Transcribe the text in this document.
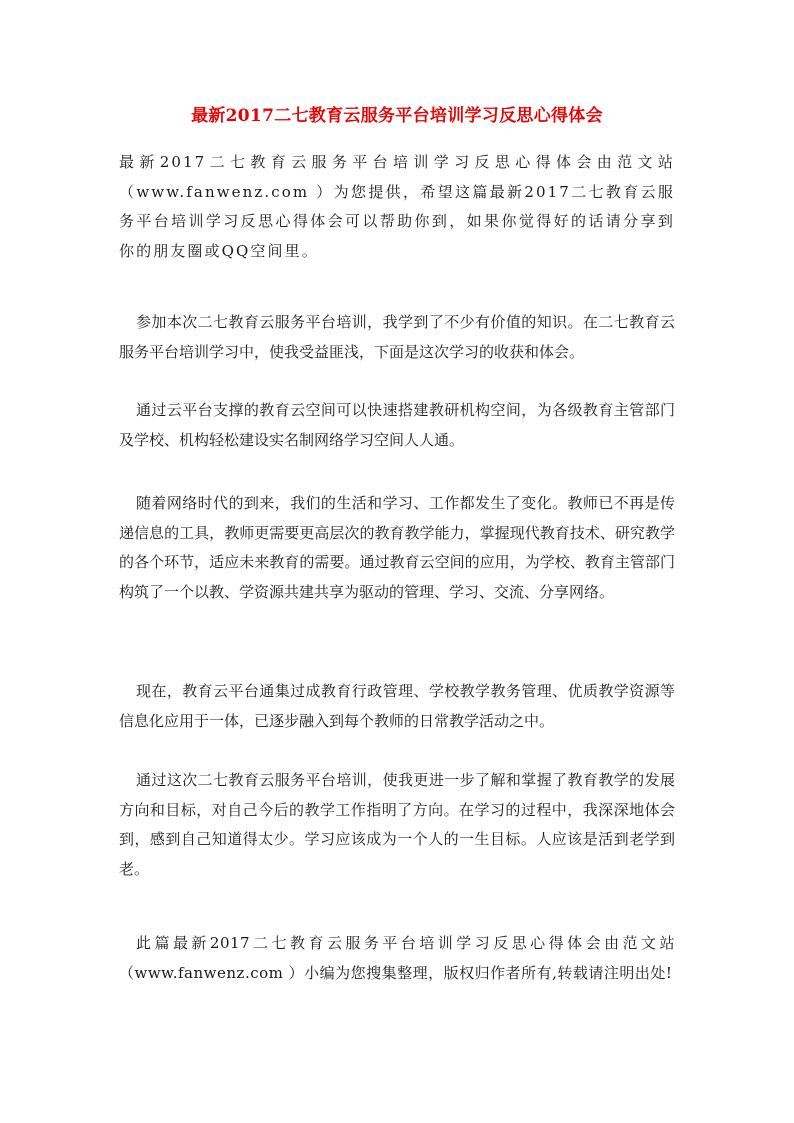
最新2017二七教育云服务平台培训学习反思心得体会

最新2017二七教育云服务平台培训学习反思心得体会由范文站（www.fanwenz.com ）为您提供，希望这篇最新2017二七教育云服务平台培训学习反思心得体会可以帮助你到，如果你觉得好的话请分享到你的朋友圈或QQ空间里。

参加本次二七教育云服务平台培训，我学到了不少有价值的知识。在二七教育云服务平台培训学习中，使我受益匪浅，下面是这次学习的收获和体会。

通过云平台支撑的教育云空间可以快速搭建教研机构空间，为各级教育主管部门及学校、机构轻松建设实名制网络学习空间人人通。

随着网络时代的到来，我们的生活和学习、工作都发生了变化。教师已不再是传递信息的工具，教师更需要更高层次的教育教学能力，掌握现代教育技术、研究教学的各个环节，适应未来教育的需要。通过教育云空间的应用，为学校、教育主管部门构筑了一个以教、学资源共建共享为驱动的管理、学习、交流、分享网络。

现在，教育云平台通集过成教育行政管理、学校教学教务管理、优质教学资源等信息化应用于一体，已逐步融入到每个教师的日常教学活动之中。

通过这次二七教育云服务平台培训，使我更进一步了解和掌握了教育教学的发展方向和目标，对自己今后的教学工作指明了方向。在学习的过程中，我深深地体会到，感到自己知道得太少。学习应该成为一个人的一生目标。人应该是活到老学到老。

此篇最新2017二七教育云服务平台培训学习反思心得体会由范文站（www.fanwenz.com ）小编为您搜集整理，版权归作者所有,转载请注明出处!
